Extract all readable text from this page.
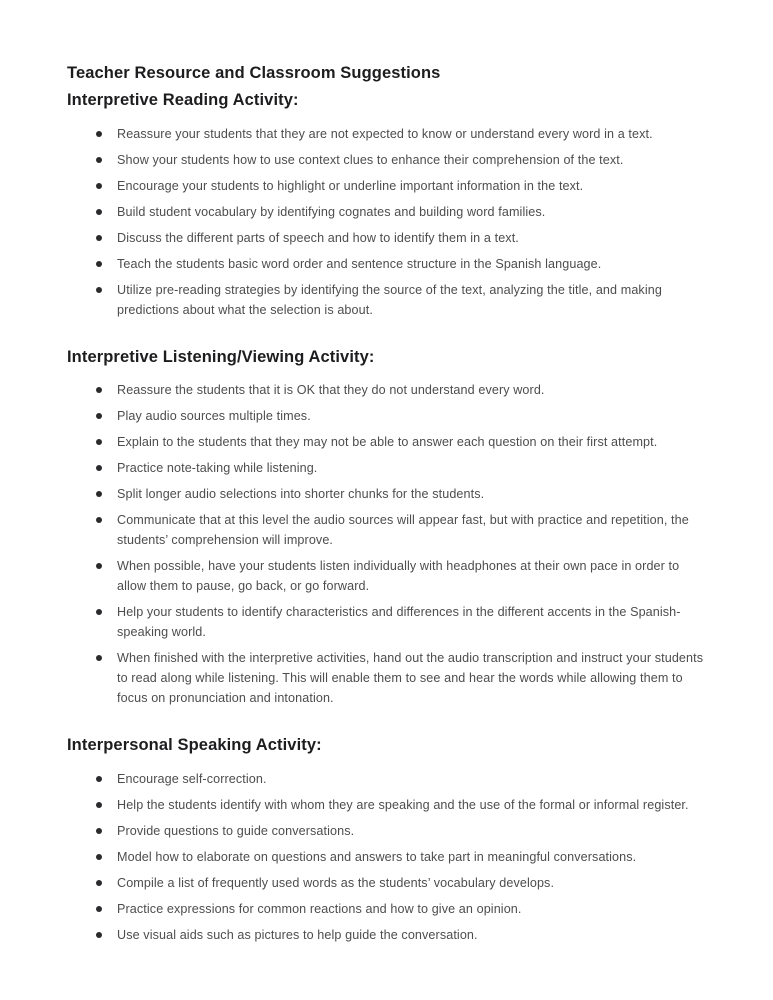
Teacher Resource and Classroom Suggestions
Interpretive Reading Activity:
Reassure your students that they are not expected to know or understand every word in a text.
Show your students how to use context clues to enhance their comprehension of the text.
Encourage your students to highlight or underline important information in the text.
Build student vocabulary by identifying cognates and building word families.
Discuss the different parts of speech and how to identify them in a text.
Teach the students basic word order and sentence structure in the Spanish language.
Utilize pre-reading strategies by identifying the source of the text, analyzing the title, and making predictions about what the selection is about.
Interpretive Listening/Viewing Activity:
Reassure the students that it is OK that they do not understand every word.
Play audio sources multiple times.
Explain to the students that they may not be able to answer each question on their first attempt.
Practice note-taking while listening.
Split longer audio selections into shorter chunks for the students.
Communicate that at this level the audio sources will appear fast, but with practice and repetition, the students’ comprehension will improve.
When possible, have your students listen individually with headphones at their own pace in order to allow them to pause, go back, or go forward.
Help your students to identify characteristics and differences in the different accents in the Spanish-speaking world.
When finished with the interpretive activities, hand out the audio transcription and instruct your students to read along while listening. This will enable them to see and hear the words while allowing them to focus on pronunciation and intonation.
Interpersonal Speaking Activity:
Encourage self-correction.
Help the students identify with whom they are speaking and the use of the formal or informal register.
Provide questions to guide conversations.
Model how to elaborate on questions and answers to take part in meaningful conversations.
Compile a list of frequently used words as the students’ vocabulary develops.
Practice expressions for common reactions and how to give an opinion.
Use visual aids such as pictures to help guide the conversation.
